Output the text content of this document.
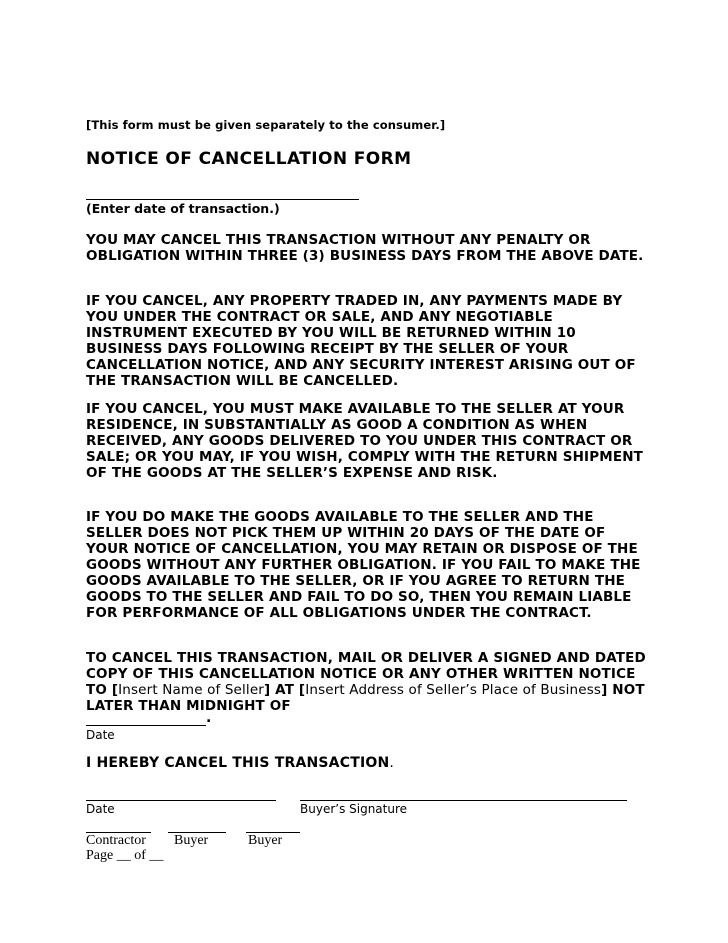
[This form must be given separately to the consumer.]

NOTICE OF CANCELLATION FORM

(Enter date of transaction.)

YOU MAY CANCEL THIS TRANSACTION WITHOUT ANY PENALTY OR OBLIGATION WITHIN THREE (3) BUSINESS DAYS FROM THE ABOVE DATE.

IF YOU CANCEL, ANY PROPERTY TRADED IN, ANY PAYMENTS MADE BY YOU UNDER THE CONTRACT OR SALE, AND ANY NEGOTIABLE INSTRUMENT EXECUTED BY YOU WILL BE RETURNED WITHIN 10 BUSINESS DAYS FOLLOWING RECEIPT BY THE SELLER OF YOUR CANCELLATION NOTICE, AND ANY SECURITY INTEREST ARISING OUT OF THE TRANSACTION WILL BE CANCELLED.

IF YOU CANCEL, YOU MUST MAKE AVAILABLE TO THE SELLER AT YOUR RESIDENCE, IN SUBSTANTIALLY AS GOOD A CONDITION AS WHEN RECEIVED, ANY GOODS DELIVERED TO YOU UNDER THIS CONTRACT OR SALE; OR YOU MAY, IF YOU WISH, COMPLY WITH THE RETURN SHIPMENT OF THE GOODS AT THE SELLER’S EXPENSE AND RISK.

IF YOU DO MAKE THE GOODS AVAILABLE TO THE SELLER AND THE SELLER DOES NOT PICK THEM UP WITHIN 20 DAYS OF THE DATE OF YOUR NOTICE OF CANCELLATION, YOU MAY RETAIN OR DISPOSE OF THE GOODS WITHOUT ANY FURTHER OBLIGATION. IF YOU FAIL TO MAKE THE GOODS AVAILABLE TO THE SELLER, OR IF YOU AGREE TO RETURN THE GOODS TO THE SELLER AND FAIL TO DO SO, THEN YOU REMAIN LIABLE FOR PERFORMANCE OF ALL OBLIGATIONS UNDER THE CONTRACT.

TO CANCEL THIS TRANSACTION, MAIL OR DELIVER A SIGNED AND DATED COPY OF THIS CANCELLATION NOTICE OR ANY OTHER WRITTEN NOTICE TO [Insert Name of Seller] AT [Insert Address of Seller’s Place of Business] NOT LATER THAN MIDNIGHT OF

.

Date

I HEREBY CANCEL THIS TRANSACTION.

Date	Buyer’s Signature

Contractor Buyer	Buyer

Page __ of __
